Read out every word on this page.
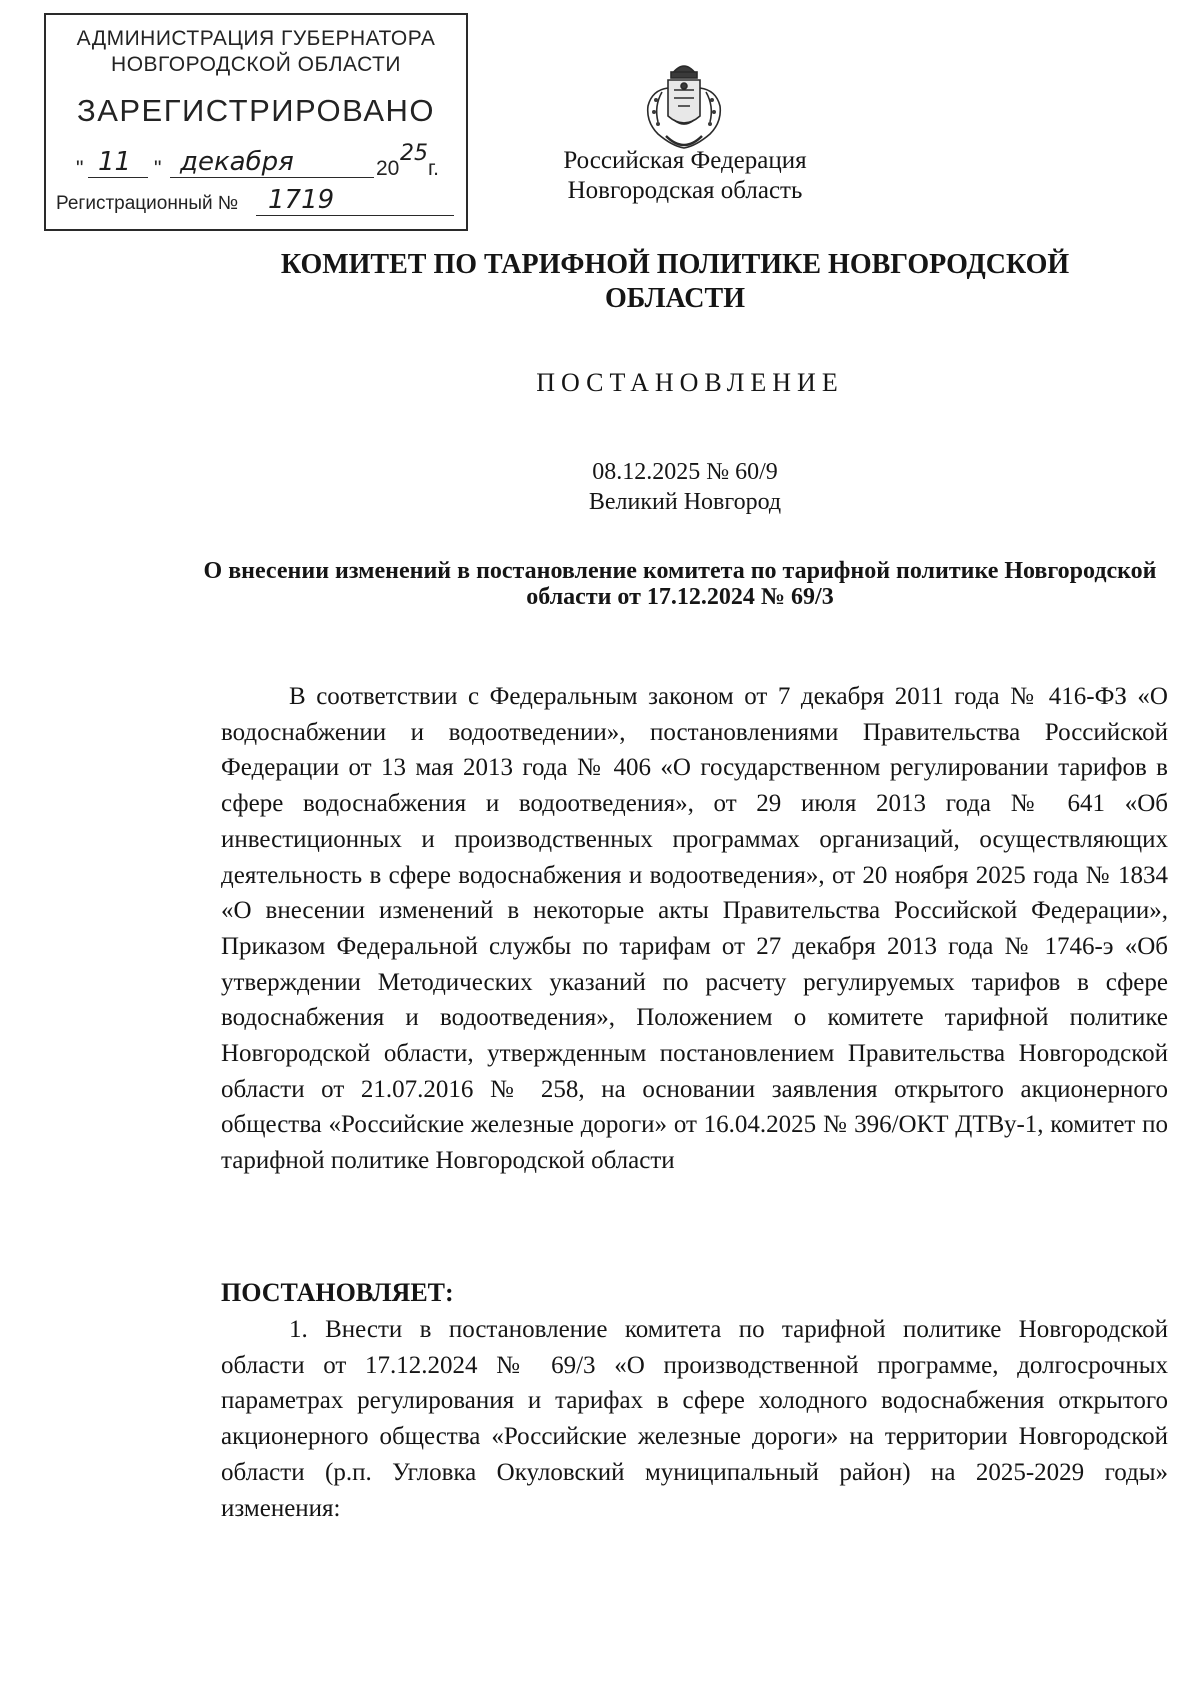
АДМИНИСТРАЦИЯ ГУБЕРНАТОРА
НОВГОРОДСКОЙ ОБЛАСТИ
ЗАРЕГИСТРИРОВАНО
" 11 " декабря	20
25
г.
Регистрационный № 1719
Российская Федерация
Новгородская область
КОМИТЕТ ПО ТАРИФНОЙ ПОЛИТИКЕ НОВГОРОДСКОЙ ОБЛАСТИ
ПОСТАНОВЛЕНИЕ
08.12.2025 № 60/9
Великий Новгород
О внесении изменений в постановление комитета по тарифной политике Новгородской области от 17.12.2024 № 69/3
В соответствии с Федеральным законом от 7 декабря 2011 года № 416-ФЗ «О водоснабжении и водоотведении», постановлениями Правительства Российской Федерации от 13 мая 2013 года № 406 «О государственном регулировании тарифов в сфере водоснабжения и водоотведения», от 29 июля 2013 года № 641 «Об инвестиционных и производственных программах организаций, осуществляющих деятельность в сфере водоснабжения и водоотведения», от 20 ноября 2025 года № 1834 «О внесении изменений в некоторые акты Правительства Российской Федерации», Приказом Федеральной службы по тарифам от 27 декабря 2013 года № 1746-э «Об утверждении Методических указаний по расчету регулируемых тарифов в сфере водоснабжения и водоотведения», Положением о комитете тарифной политике Новгородской области, утвержденным постановлением Правительства Новгородской области от 21.07.2016 № 258, на основании заявления открытого акционерного общества «Российские железные дороги» от 16.04.2025 № 396/ОКТ ДТВу-1, комитет по тарифной политике Новгородской области
ПОСТАНОВЛЯЕТ:
1. Внести в постановление комитета по тарифной политике Новгородской области от 17.12.2024 № 69/3 «О производственной программе, долгосрочных параметрах регулирования и тарифах в сфере холодного водоснабжения открытого акционерного общества «Российские железные дороги» на территории Новгородской области (р.п. Угловка Окуловский муниципальный район) на 2025-2029 годы» изменения:
